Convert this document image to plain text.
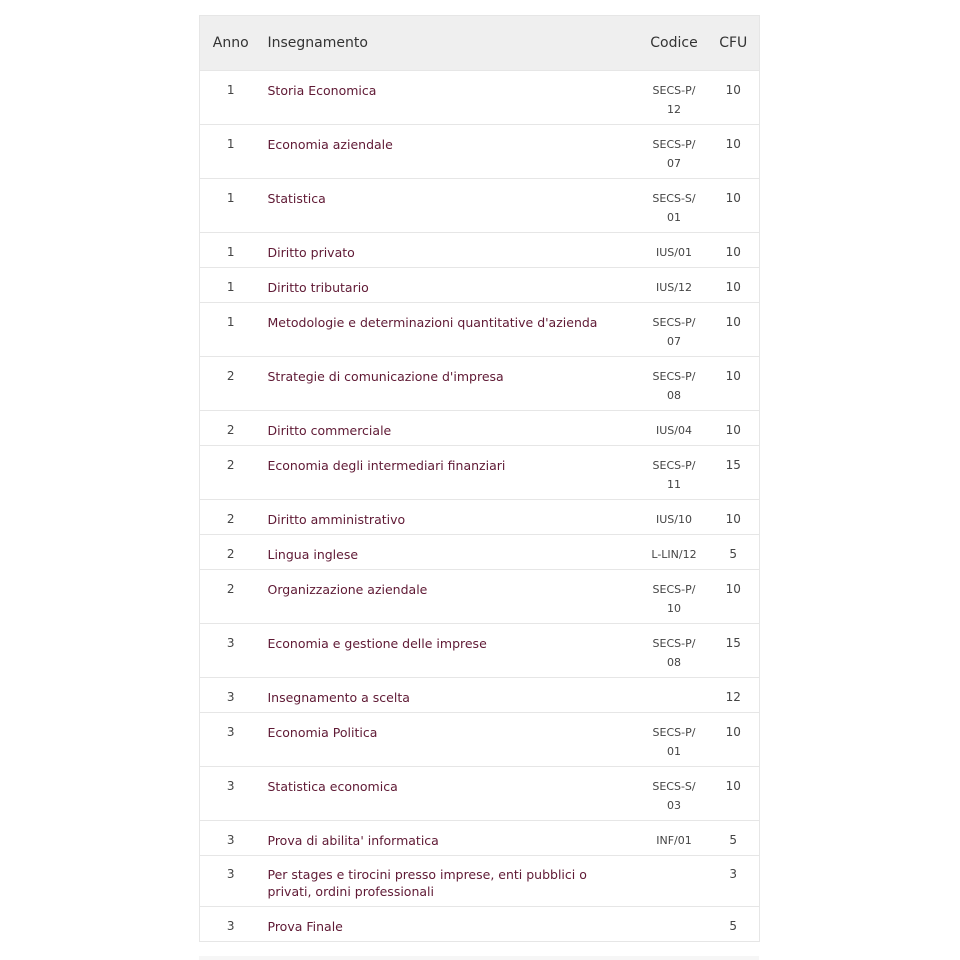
Anno	Insegnamento	Codice	CFU
1	Storia Economica	SECS-P/12	10
1	Economia aziendale	SECS-P/07	10
1	Statistica	SECS-S/01	10
1	Diritto privato	IUS/01	10
1	Diritto tributario	IUS/12	10
1	Metodologie e determinazioni quantitative d'azienda	SECS-P/07	10
2	Strategie di comunicazione d'impresa	SECS-P/08	10
2	Diritto commerciale	IUS/04	10
2	Economia degli intermediari finanziari	SECS-P/11	15
2	Diritto amministrativo	IUS/10	10
2	Lingua inglese	L-LIN/12	5
2	Organizzazione aziendale	SECS-P/10	10
3	Economia e gestione delle imprese	SECS-P/08	15
3	Insegnamento a scelta		12
3	Economia Politica	SECS-P/01	10
3	Statistica economica	SECS-S/03	10
3	Prova di abilita' informatica	INF/01	5
3	Per stages e tirocini presso imprese, enti pubblici o privati, ordini professionali		3
3	Prova Finale		5
